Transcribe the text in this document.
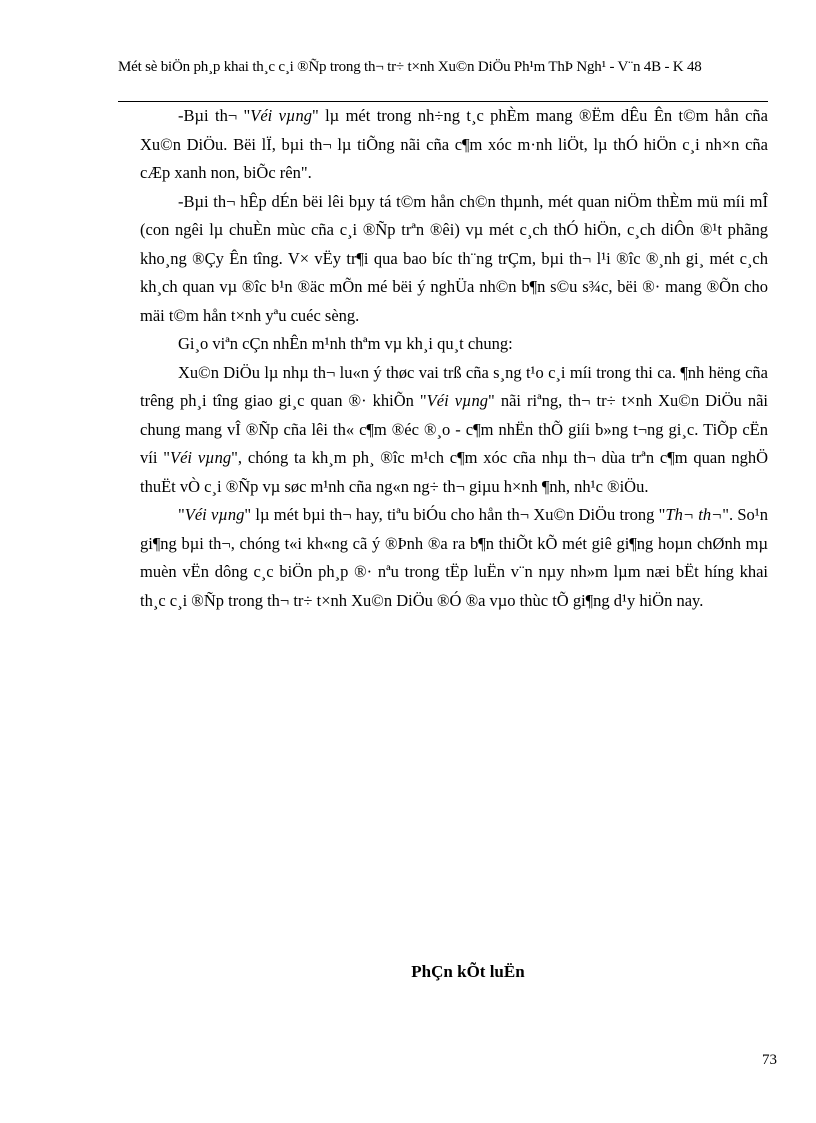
Mét sè biÖn ph¸p khai th¸c c¸i ®Ñp trong th¬ tr÷ t×nh Xu©n DiÖu Ph¹m ThÞ Ngh¹ - V¨n 4B - K 48

-Bµi th¬ "Véi vµng" lµ mét trong nh÷ng t¸c phÈm mang ®Ëm dÊu Ên t©m hån cña Xu©n DiÖu. Bëi lÏ, bµi th¬ lµ tiÕng nãi cña c¶m xóc m·nh liÖt, lµ thÓ hiÖn c¸i nh×n cña cÆp xanh non, biÕc rên".

-Bµi th¬ hÊp dÉn bëi lêi bµy tá t©m hån ch©n thµnh, mét quan niÖm thÈm mü míi mÎ (con ngêi lµ chuÈn mùc cña c¸i ®Ñp trªn ®êi) vµ mét c¸ch thÓ hiÖn, c¸ch diÔn ®¹t phãng kho¸ng ®Çy Ên tîng. V× vËy tr¶i qua bao bíc th¨ng trÇm, bµi th¬ l¹i ®îc ®¸nh gi¸ mét c¸ch kh¸ch quan vµ ®îc b¹n ®äc mÕn mé bëi ý nghÜa nh©n b¶n s©u s¾c, bëi ®· mang ®Õn cho mäi t©m hån t×nh yªu cuéc sèng.

Gi¸o viªn cÇn nhÊn m¹nh thªm vµ kh¸i qu¸t chung:

Xu©n DiÖu lµ nhµ th¬ lu«n ý thøc vai trß cña s¸ng t¹o c¸i míi trong thi ca. ¶nh hëng cña trêng ph¸i tîng giao gi¸c quan ®· khiÕn "Véi vµng" nãi riªng, th¬ tr÷ t×nh Xu©n DiÖu nãi chung mang vÎ ®Ñp cña lêi th« c¶m ®éc ®¸o - c¶m nhËn thÕ giíi b»ng t¬ng gi¸c. TiÕp cËn víi "Véi vµng", chóng ta kh¸m ph¸ ®îc m¹ch c¶m xóc cña nhµ th¬ dùa trªn c¶m quan nghÖ thuËt vÒ c¸i ®Ñp vµ søc m¹nh cña ng«n ng÷ th¬ giµu h×nh ¶nh, nh¹c ®iÖu.

"Véi vµng" lµ mét bµi th¬ hay, tiªu biÓu cho hån th¬ Xu©n DiÖu trong "Th¬ th¬". So¹n gi¶ng bµi th¬, chóng t«i kh«ng cã ý ®Þnh ®a ra b¶n thiÕt kÕ mét giê gi¶ng hoµn chØnh mµ muèn vËn dông c¸c biÖn ph¸p ®· nªu trong tËp luËn v¨n nµy nh»m lµm næi bËt híng khai th¸c c¸i ®Ñp trong th¬ tr÷ t×nh Xu©n DiÖu ®Ó ®a vµo thùc tÕ gi¶ng d¹y hiÖn nay.

PhÇn kÕt luËn
73
